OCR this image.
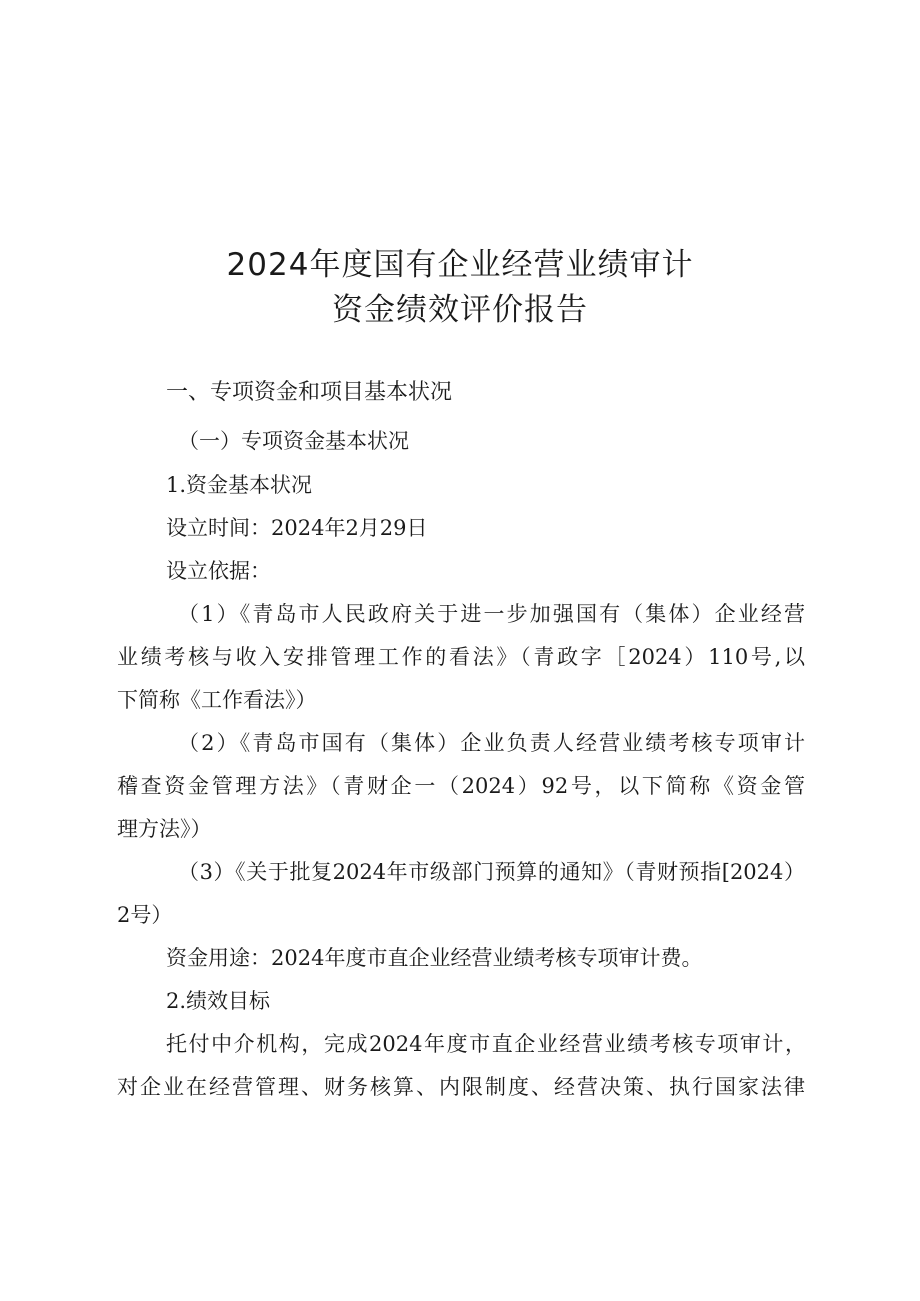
2024年度国有企业经营业绩审计
资金绩效评价报告
一、专项资金和项目基本状况
（一）专项资金基本状况
1.资金基本状况
设立时间：2024年2月29日
设立依据：
（1）《青岛市人民政府关于进一步加强国有（集体）企业经营
业绩考核与收入安排管理工作的看法》（青政字［2024）110号,以
下简称《工作看法》）
（2）《青岛市国有（集体）企业负责人经营业绩考核专项审计
稽查资金管理方法》（青财企一（2024）92号，以下简称《资金管
理方法》）
（3）《关于批复2024年市级部门预算的通知》（青财预指[2024）
2号）
资金用途：2024年度市直企业经营业绩考核专项审计费。
2.绩效目标
托付中介机构，完成2024年度市直企业经营业绩考核专项审计，
对企业在经营管理、财务核算、内限制度、经营决策、执行国家法律
